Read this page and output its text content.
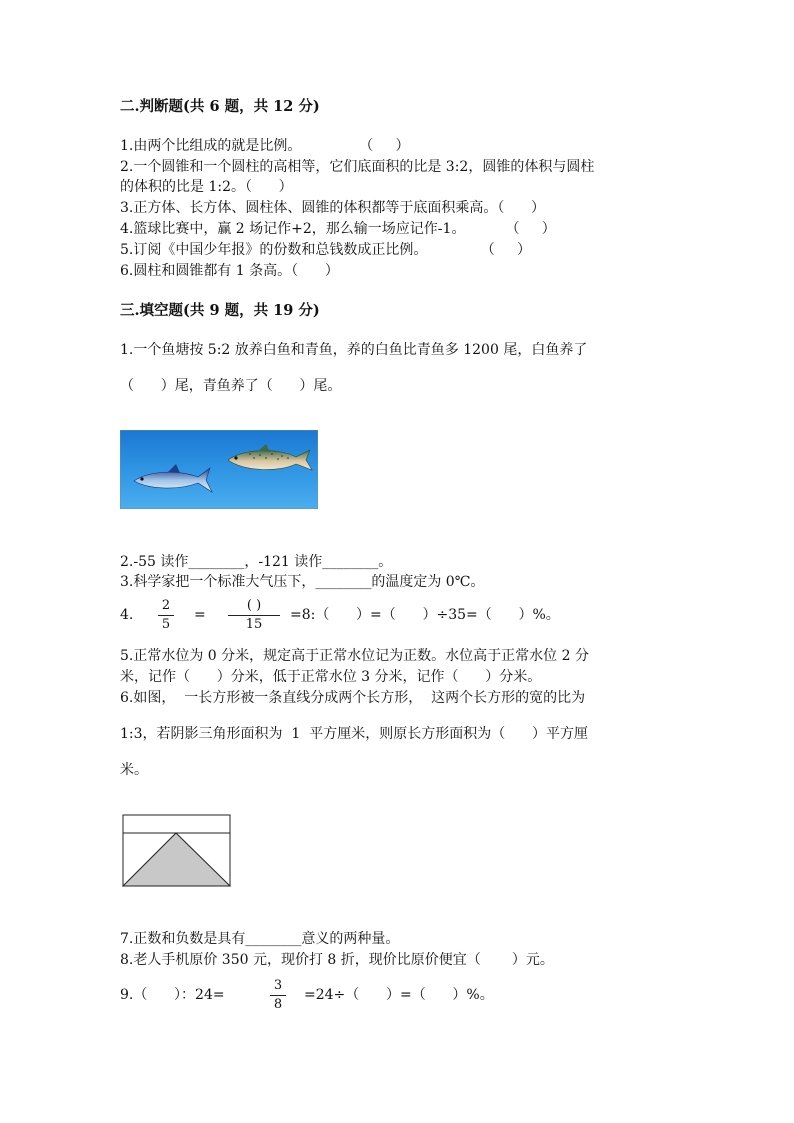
二.判断题(共 6 题，共 12 分)
1.由两个比组成的就是比例。             （     ）
2.一个圆锥和一个圆柱的高相等，它们底面积的比是 3:2，圆锥的体积与圆柱
的体积的比是 1:2。（      ）
3.正方体、长方体、圆柱体、圆锥的体积都等于底面积乘高。（      ）
4.篮球比赛中，赢 2 场记作+2，那么输一场应记作-1。         （     ）
5.订阅《中国少年报》的份数和总钱数成正比例。            （     ）
6.圆柱和圆锥都有 1 条高。（      ）
三.填空题(共 9 题，共 19 分)
1.一个鱼塘按 5:2 放养白鱼和青鱼，养的白鱼比青鱼多 1200 尾，白鱼养了
（      ）尾，青鱼养了（      ）尾。
2.-55 读作________，-121 读作________。
3.科学家把一个标准大气压下，________的温度定为 0℃。
4.
2
5
=
( )
15
=8:（      ）=（      ）÷35=（      ）%。
5.正常水位为 0 分米，规定高于正常水位记为正数。水位高于正常水位 2 分
米，记作（      ）分米，低于正常水位 3 分米，记作（      ）分米。
6.如图，  一长方形被一条直线分成两个长方形，  这两个长方形的宽的比为
1:3，若阴影三角形面积为  1  平方厘米，则原长方形面积为（      ）平方厘
米。
7.正数和负数是具有________意义的两种量。
8.老人手机原价 350 元，现价打 8 折，现价比原价便宜（       ）元。
9.（      ）：24=
3
8
=24÷（      ）=（      ）%。
